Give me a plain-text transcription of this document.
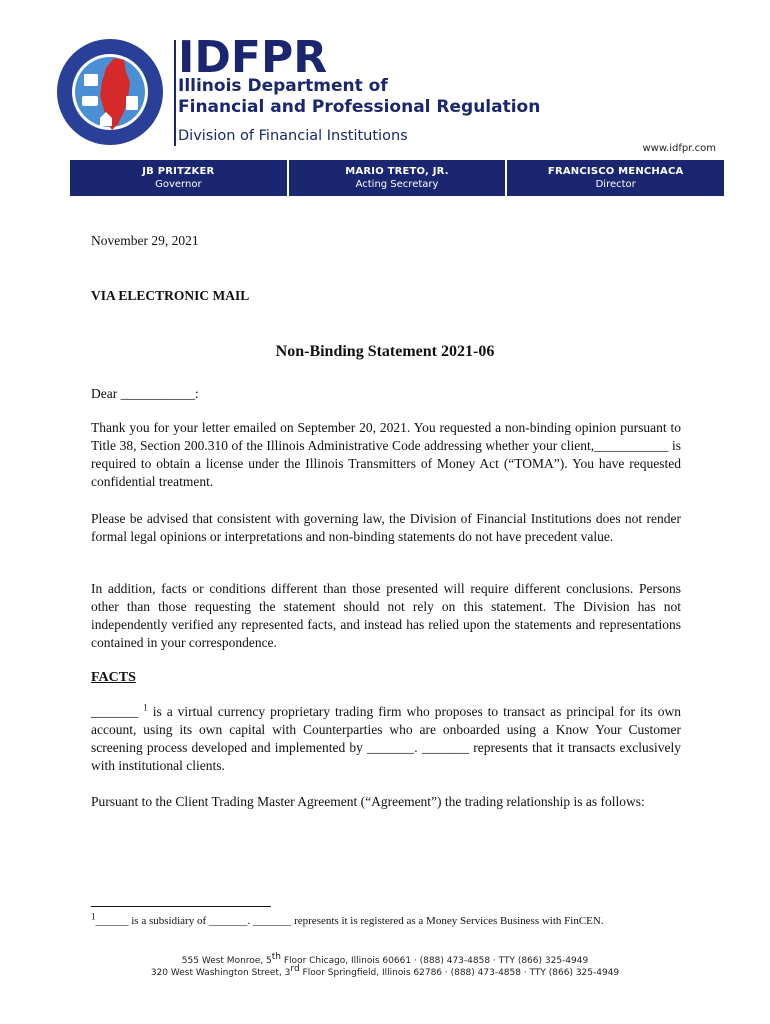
PROFESSIONAL REGULATION · REAL ESTATE · FINANCIAL INSTITUTIONS · BANKING
IDFPR
Illinois Department of
Financial and Professional Regulation
Division of Financial Institutions
www.idfpr.com
JB PRITZKER
Governor
MARIO TRETO, JR.
Acting Secretary
FRANCISCO MENCHACA
Director
November 29, 2021
VIA ELECTRONIC MAIL
Non-Binding Statement 2021-06
Dear ___________:
Thank you for your letter emailed on September 20, 2021. You requested a non-binding opinion pursuant to Title 38, Section 200.310 of the Illinois Administrative Code addressing whether your client,___________ is required to obtain a license under the Illinois Transmitters of Money Act (“TOMA”). You have requested confidential treatment.
Please be advised that consistent with governing law, the Division of Financial Institutions does not render formal legal opinions or interpretations and non-binding statements do not have precedent value.
In addition, facts or conditions different than those presented will require different conclusions. Persons other than those requesting the statement should not rely on this statement. The Division has not independently verified any represented facts, and instead has relied upon the statements and representations contained in your correspondence.
FACTS
_______ $^1$ is a virtual currency proprietary trading firm who proposes to transact as principal for its own account, using its own capital with Counterparties who are onboarded using a Know Your Customer screening process developed and implemented by _______. _______ represents that it transacts exclusively with institutional clients.
Pursuant to the Client Trading Master Agreement (“Agreement”) the trading relationship is as follows:
$^1$______ is a subsidiary of _______. _______ represents it is registered as a Money Services Business with FinCEN.
555 West Monroe, 5th Floor Chicago, Illinois 60661 · (888) 473-4858 · TTY (866) 325-4949
320 West Washington Street, 3rd Floor Springfield, Illinois 62786 · (888) 473-4858 · TTY (866) 325-4949
